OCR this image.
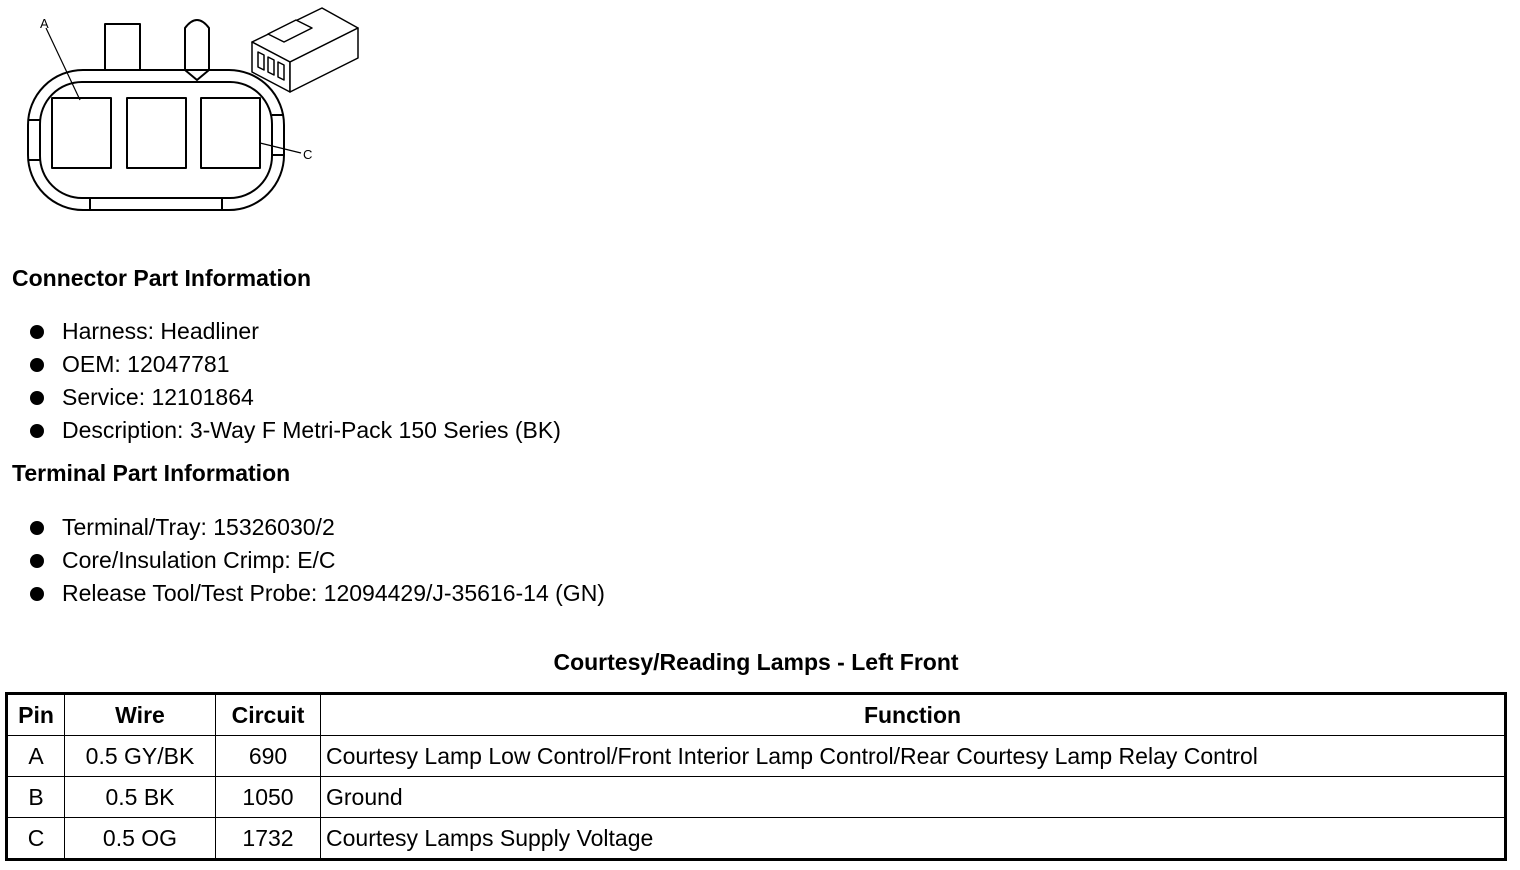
A
C
Connector Part Information
Harness: Headliner
OEM: 12047781
Service: 12101864
Description: 3-Way F Metri-Pack 150 Series (BK)
Terminal Part Information
Terminal/Tray: 15326030/2
Core/Insulation Crimp: E/C
Release Tool/Test Probe: 12094429/J-35616-14 (GN)
Courtesy/Reading Lamps - Left Front
Pin	Wire	Circuit	Function
A	0.5 GY/BK	690	Courtesy Lamp Low Control/Front Interior Lamp Control/Rear Courtesy Lamp Relay Control
B	0.5 BK	1050	Ground
C	0.5 OG	1732	Courtesy Lamps Supply Voltage
